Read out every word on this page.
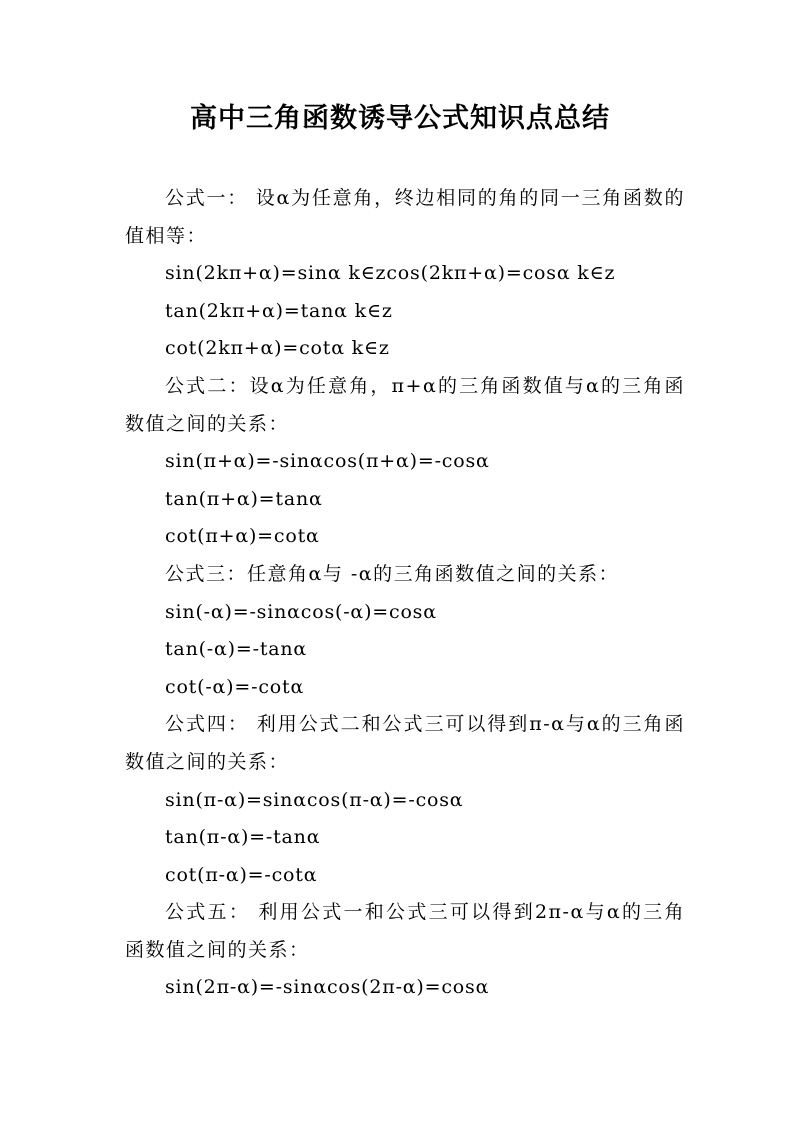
高中三角函数诱导公式知识点总结

公式一： 设α为任意角，终边相同的角的同一三角函数的值相等：

sin(2kπ+α)=sinα k∈zcos(2kπ+α)=cosα k∈z

tan(2kπ+α)=tanα k∈z

cot(2kπ+α)=cotα k∈z

公式二：设α为任意角，π+α的三角函数值与α的三角函数值之间的关系：

sin(π+α)=-sinαcos(π+α)=-cosα

tan(π+α)=tanα

cot(π+α)=cotα

公式三：任意角α与 -α的三角函数值之间的关系：

sin(-α)=-sinαcos(-α)=cosα

tan(-α)=-tanα

cot(-α)=-cotα

公式四： 利用公式二和公式三可以得到π-α与α的三角函数值之间的关系：

sin(π-α)=sinαcos(π-α)=-cosα

tan(π-α)=-tanα

cot(π-α)=-cotα

公式五： 利用公式一和公式三可以得到2π-α与α的三角函数值之间的关系：

sin(2π-α)=-sinαcos(2π-α)=cosα
